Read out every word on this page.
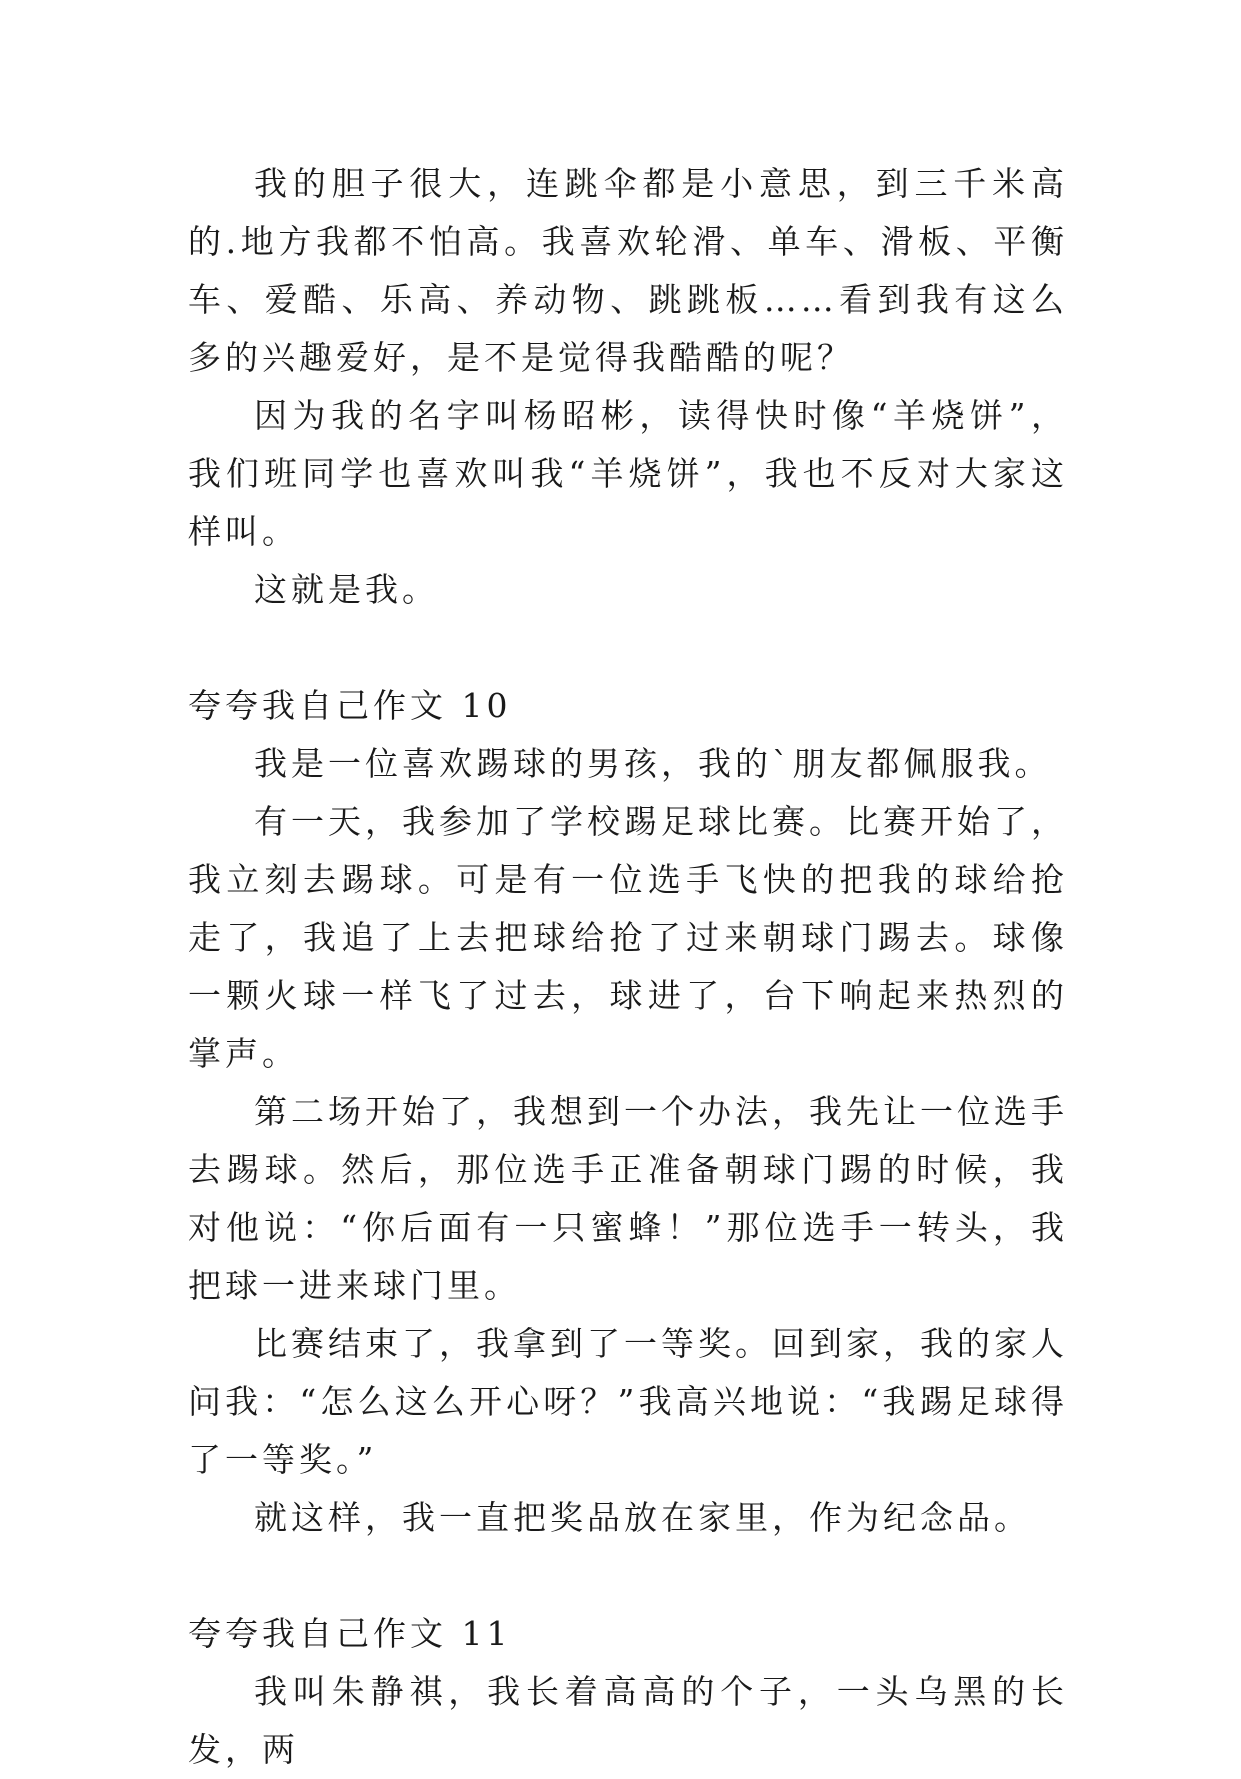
我的胆子很大，连跳伞都是小意思，到三千米高的.地方我都不怕高。我喜欢轮滑、单车、滑板、平衡车、爱酷、乐高、养动物、跳跳板……看到我有这么多的兴趣爱好，是不是觉得我酷酷的呢？

因为我的名字叫杨昭彬，读得快时像“羊烧饼”，我们班同学也喜欢叫我“羊烧饼”，我也不反对大家这样叫。

这就是我。

夸夸我自己作文 10

我是一位喜欢踢球的男孩，我的`朋友都佩服我。

有一天，我参加了学校踢足球比赛。比赛开始了，我立刻去踢球。可是有一位选手飞快的把我的球给抢走了，我追了上去把球给抢了过来朝球门踢去。球像一颗火球一样飞了过去，球进了，台下响起来热烈的掌声。

第二场开始了，我想到一个办法，我先让一位选手去踢球。然后，那位选手正准备朝球门踢的时候，我对他说：“你后面有一只蜜蜂！”那位选手一转头，我把球一进来球门里。

比赛结束了，我拿到了一等奖。回到家，我的家人问我：“怎么这么开心呀？”我高兴地说：“我踢足球得了一等奖。”

就这样，我一直把奖品放在家里，作为纪念品。

夸夸我自己作文 11

我叫朱静祺，我长着高高的个子，一头乌黑的长发，两
